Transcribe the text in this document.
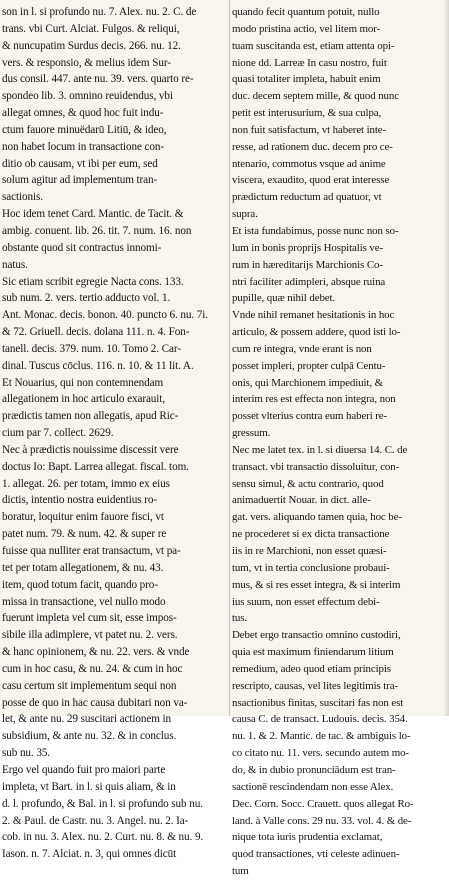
son in l. si profundo nu. 7. Alex. nu. 2. C. de
trans. vbi Curt. Alciat. Fulgos. & reliqui,
& nuncupatim Surdus decis. 266. nu. 12.
vers. & responsio, & melius idem Sur-
dus consil. 447. ante nu. 39. vers. quarto re-
spondeo lib. 3. omnino reuidendus, vbi
allegat omnes, & quod hoc fuit indu-
ctum fauore minuëdarū Litiū, & ideo,
non habet locum in transactione con-
ditio ob causam, vt ibi per eum, sed
solum agitur ad implementum tran-
sactionis.
Hoc idem tenet Card. Mantic. de Tacit. &
ambig. conuent. lib. 26. tit. 7. num. 16. non
obstante quod sit contractus innomi-
natus.
Sic etiam scribit egregie Nacta cons. 133.
sub num. 2. vers. tertio adducto vol. 1.
Ant. Monac. decis. bonon. 40. puncto 6. nu. 7i.
& 72. Griuell. decis. dolana 111. n. 4. Fon-
tanell. decis. 379. num. 10. Tomo 2. Car-
dinal. Tuscus cōclus. 116. n. 10. & 11 lit. A.
Et Nouarius, qui non contemnendam
allegationem in hoc articulo exarauit,
prædictis tamen non allegatis, apud Ric-
cium par 7. collect. 2629.
Nec à prædictis nouissime discessit vere
doctus Io: Bapt. Larrea allegat. fiscal. tom.
1. allegat. 26. per totam, immo ex eius
dictis, intentio nostra euidentius ro-
boratur, loquitur enim fauore fisci, vt
patet num. 79. & num. 42. & super re
fuisse qua nulliter erat transactum, vt pa-
tet per totam allegationem, & nu. 43.
item, quod totum facit, quando pro-
missa in transactione, vel nullo modo
fuerunt impleta vel cum sit, esse impos-
sibile illa adimplere, vt patet nu. 2. vers.
& hanc opinionem, & nu. 22. vers. & vnde
cum in hoc casu, & nu. 24. & cum in hoc
casu certum sit implementum sequi non
posse de quo in hac causa dubitari non va-
let, & ante nu. 29 suscitari actionem in
subsidium, & ante nu. 32. & in conclus.
sub nu. 35.
Ergo vel quando fuit pro maiori parte
impleta, vt Bart. in l. si quis aliam, & in
d. l. profundo, & Bal. in l. si profundo sub nu.
2. & Paul. de Castr. nu. 3. Angel. nu. 2. Ia-
cob. in nu. 3. Alex. nu. 2. Curt. nu. 8. & nu. 9.
Iason. n. 7. Alciat. n. 3, qui omnes dicūt
quando fecit quantum potuit, nullo
modo pristina actio, vel litem mor-
tuam suscitanda est, etiam attenta opi-
nione dd. Larreæ In casu nostro, fuit
quasi totaliter impleta, habuit enim
duc. decem septem mille, & quod nunc
petit est interusurium, & sua culpa,
non fuit satisfactum, vt haberet inte-
resse, ad rationem duc. decem pro ce-
ntenario, commotus vsque ad anime
viscera, exaudito, quod erat interesse
prædictum reductum ad quatuor, vt
supra.
Et ista fundabimus, posse nunc non so-
lum in bonis proprijs Hospitalis ve-
rum in hæreditarijs Marchionis Co-
ntri faciliter adimpleri, absque ruina
pupille, quæ nihil debet.
Vnde nihil remanet hesitationis in hoc
articulo, & possem addere, quod isti lo-
cum re integra, vnde erant is non
posset impleri, propter culpā Centu-
onis, qui Marchionem impediuit, &
interim res est effecta non integra, non
posset vlterius contra eum haberi re-
gressum.
Nec me latet tex. in l. si diuersa 14. C. de
transact. vbi transactio dissoluitur, con-
sensu simul, & actu contrario, quod
animaduertit Nouar. in dict. alle-
gat. vers. aliquando tamen quia, hoc be-
ne procederet si ex dicta transactione
iis in re Marchioni, non esset quæsi-
tum, vt in tertia conclusione probaui-
mus, & si res esset integra, & si interim
ius suum, non esset effectum debi-
tus.
Debet ergo transactio omnino custodiri,
quia est maximum finiendarum litium
remedium, adeo quod etiam principis
rescripto, causas, vel lites legitimis tra-
nsactionibus finitas, suscitari fas non est
causa C. de transact. Ludouis. decis. 354.
nu. 1. & 2. Mantic. de tac. & ambiguis lo-
co citato nu. 11. vers. secundo autem mo-
do, & in dubio pronunciādum est tran-
sactionē rescindendam non esse Alex.
Dec. Corn. Socc. Crauett. quos allegat Ro-
land. à Valle cons. 29 nu. 33. vol. 4. & de-
nique tota iuris prudentia exclamat,
quod transactiones, vti celeste adinuen-
tum
